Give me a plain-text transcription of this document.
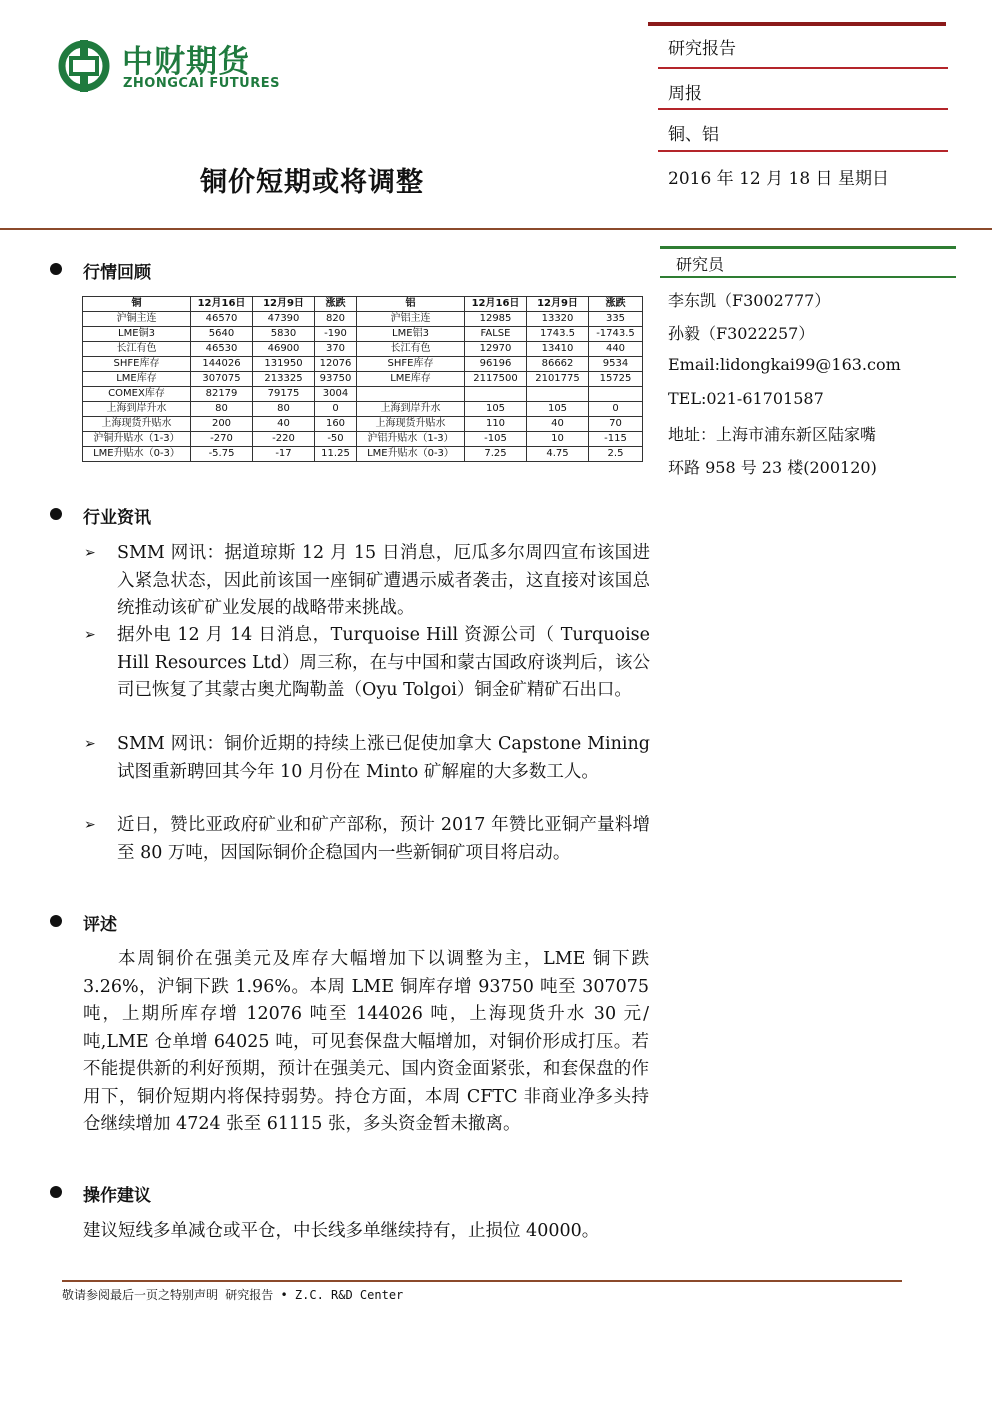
中财期货
ZHONGCAI FUTURES
研究报告
周报
铜、铝
2016 年 12 月 18 日 星期日
铜价短期或将调整
研究员
李东凯（F3002777）
孙毅（F3022257）
Email:lidongkai99@163.com
TEL:021-61701587
地址：上海市浦东新区陆家嘴
环路 958 号 23 楼(200120)
行情回顾
铜	12月16日	12月9日	涨跌	铝	12月16日	12月9日	涨跌
沪铜主连	46570	47390	820	沪铝主连	12985	13320	335
LME铜3	5640	5830	-190	LME铝3	FALSE	1743.5	-1743.5
长江有色	46530	46900	370	长江有色	12970	13410	440
SHFE库存	144026	131950	12076	SHFE库存	96196	86662	9534
LME库存	307075	213325	93750	LME库存	2117500	2101775	15725
COMEX库存	82179	79175	3004				
上海到岸升水	80	80	0	上海到岸升水	105	105	0
上海现货升贴水	200	40	160	上海现货升贴水	110	40	70
沪铜升贴水（1-3）	-270	-220	-50	沪铝升贴水（1-3）	-105	10	-115
LME升贴水（0-3）	-5.75	-17	11.25	LME升贴水（0-3）	7.25	4.75	2.5
行业资讯
➢ SMM 网讯：据道琼斯 12 月 15 日消息，厄瓜多尔周四宣布该国进入紧急状态，因此前该国一座铜矿遭遇示威者袭击，这直接对该国总统推动该矿矿业发展的战略带来挑战。
➢ 据外电 12 月 14 日消息，Turquoise Hill 资源公司（ Turquoise Hill Resources Ltd）周三称，在与中国和蒙古国政府谈判后，该公司已恢复了其蒙古奥尤陶勒盖（Oyu Tolgoi）铜金矿精矿石出口。
➢ SMM 网讯：铜价近期的持续上涨已促使加拿大 Capstone Mining 试图重新聘回其今年 10 月份在 Minto 矿解雇的大多数工人。
➢ 近日，赞比亚政府矿业和矿产部称，预计 2017 年赞比亚铜产量料增至 80 万吨，因国际铜价企稳国内一些新铜矿项目将启动。
评述
本周铜价在强美元及库存大幅增加下以调整为主，LME 铜下跌 3.26%，沪铜下跌 1.96%。本周 LME 铜库存增 93750 吨至 307075 吨，上期所库存增 12076 吨至 144026 吨，上海现货升水 30 元/吨,LME 仓单增 64025 吨，可见套保盘大幅增加，对铜价形成打压。若不能提供新的利好预期，预计在强美元、国内资金面紧张，和套保盘的作用下，铜价短期内将保持弱势。持仓方面，本周 CFTC 非商业净多头持仓继续增加 4724 张至 61115 张，多头资金暂未撤离。
操作建议
建议短线多单减仓或平仓，中长线多单继续持有，止损位 40000。
敬请参阅最后一页之特别声明 研究报告 • Z.C. R&D Center
